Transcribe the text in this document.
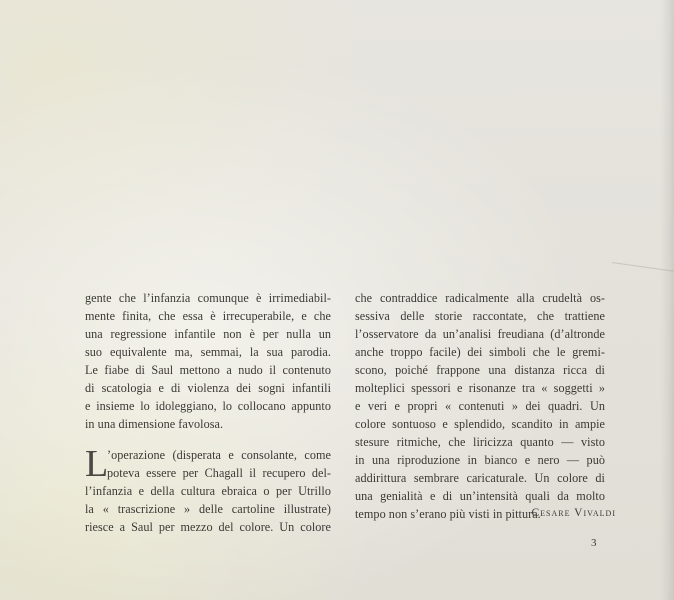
gente che l’infanzia comunque è irrimediabil-
mente finita, che essa è irrecuperabile, e che
una regressione infantile non è per nulla un
suo equivalente ma, semmai, la sua parodia.
Le fiabe di Saul mettono a nudo il contenuto
di scatologia e di violenza dei sogni infantili
e insieme lo idoleggiano, lo collocano appunto
in una dimensione favolosa.
L
’operazione (disperata e consolante, come
poteva essere per Chagall il recupero del-
l’infanzia e della cultura ebraica o per Utrillo
la « trascrizione » delle cartoline illustrate)
riesce a Saul per mezzo del colore. Un colore
che contraddice radicalmente alla crudeltà os-
sessiva delle storie raccontate, che trattiene
l’osservatore da un’analisi freudiana (d’altronde
anche troppo facile) dei simboli che le gremi-
scono, poiché frappone una distanza ricca di
molteplici spessori e risonanze tra « soggetti »
e veri e propri « contenuti » dei quadri. Un
colore sontuoso e splendido, scandito in ampie
stesure ritmiche, che liricizza quanto — visto
in una riproduzione in bianco e nero — può
addirittura sembrare caricaturale. Un colore di
una genialità e di un’intensità quali da molto
tempo non s’erano più visti in pittura.
Cesare Vivaldi
3
